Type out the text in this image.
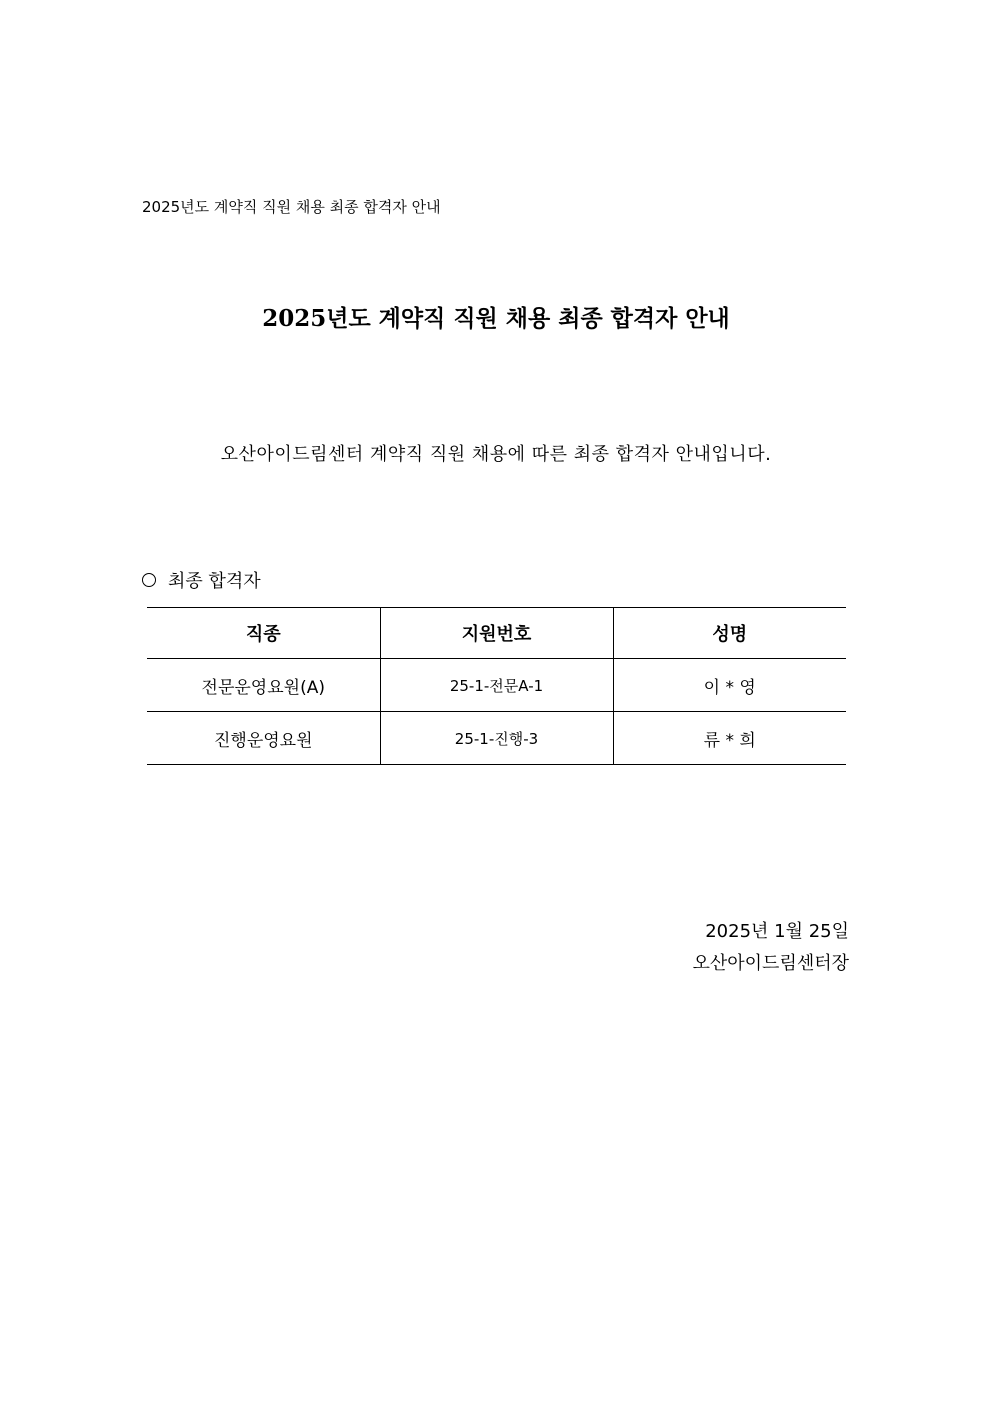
2025년도 계약직 직원 채용 최종 합격자 안내
2025년도 계약직 직원 채용 최종 합격자 안내
오산아이드림센터 계약직 직원 채용에 따른 최종 합격자 안내입니다.
최종 합격자
직종	지원번호	성명
전문운영요원(A)	25-1-전문A-1	이 * 영
진행운영요원	25-1-진행-3	류 * 희
2025년 1월 25일
오산아이드림센터장
